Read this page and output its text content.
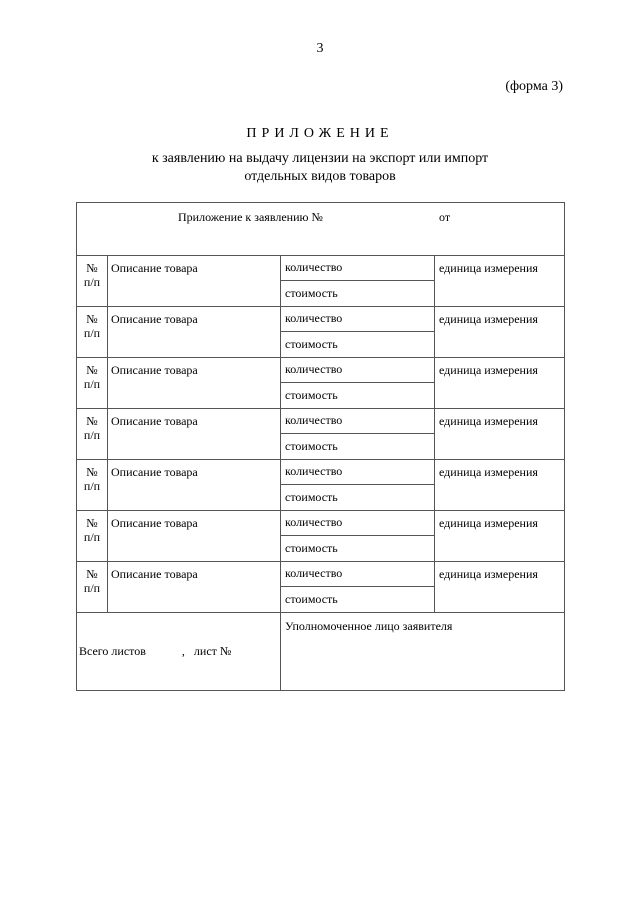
3
(форма 3)
ПРИЛОЖЕНИЕ
к заявлению на выдачу лицензии на экспорт или импорт
отдельных видов товаров
Приложение к заявлению № от			

№
п/п	Описание товара	количество	единица измерения
		стоимость	

№
п/п	Описание товара	количество	единица измерения
		стоимость	

№
п/п	Описание товара	количество	единица измерения
		стоимость	

№
п/п	Описание товара	количество	единица измерения
		стоимость	

№
п/п	Описание товара	количество	единица измерения
		стоимость	

№
п/п	Описание товара	количество	единица измерения
		стоимость	

№
п/п	Описание товара	количество	единица измерения
		стоимость	

Всего листов            ,   лист №		Уполномоченное лицо заявителя	
